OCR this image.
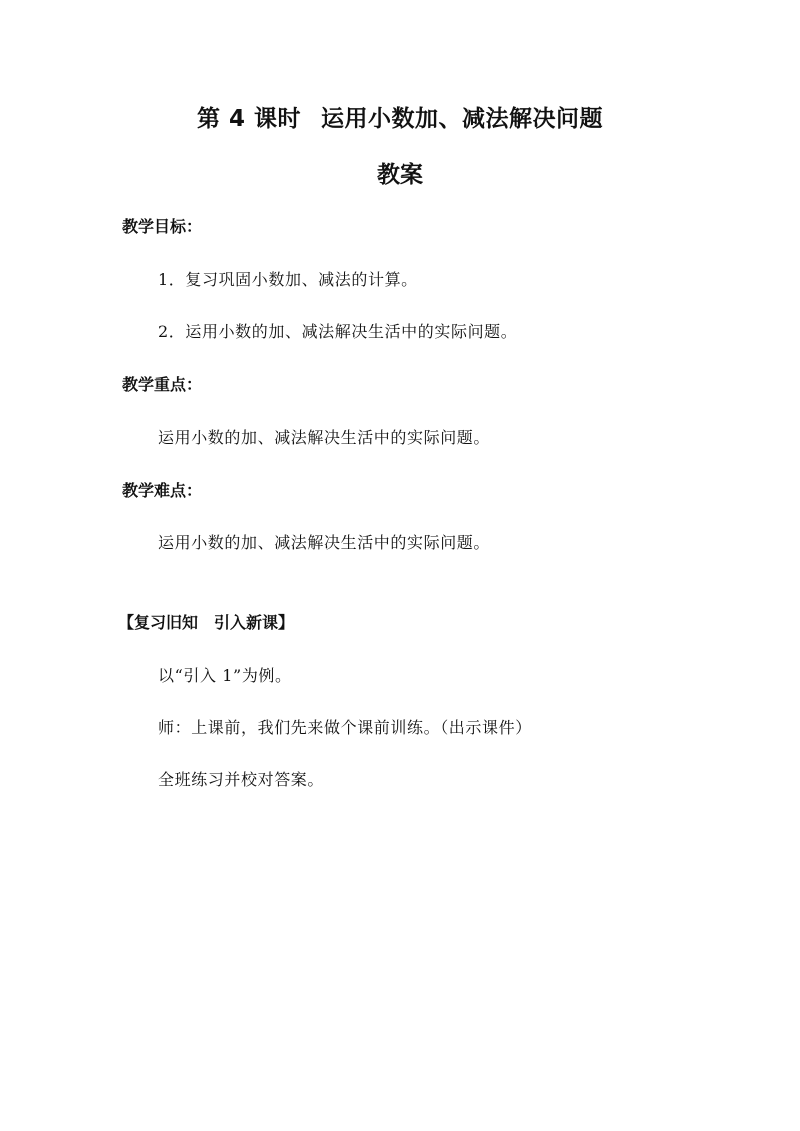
第 4 课时 运用小数加、减法解决问题
教案
教学目标：
1．复习巩固小数加、减法的计算。
2．运用小数的加、减法解决生活中的实际问题。
教学重点：
运用小数的加、减法解决生活中的实际问题。
教学难点：
运用小数的加、减法解决生活中的实际问题。
【复习旧知　引入新课】
以“引入 1”为例。
师：上课前，我们先来做个课前训练。（出示课件）
全班练习并校对答案。
